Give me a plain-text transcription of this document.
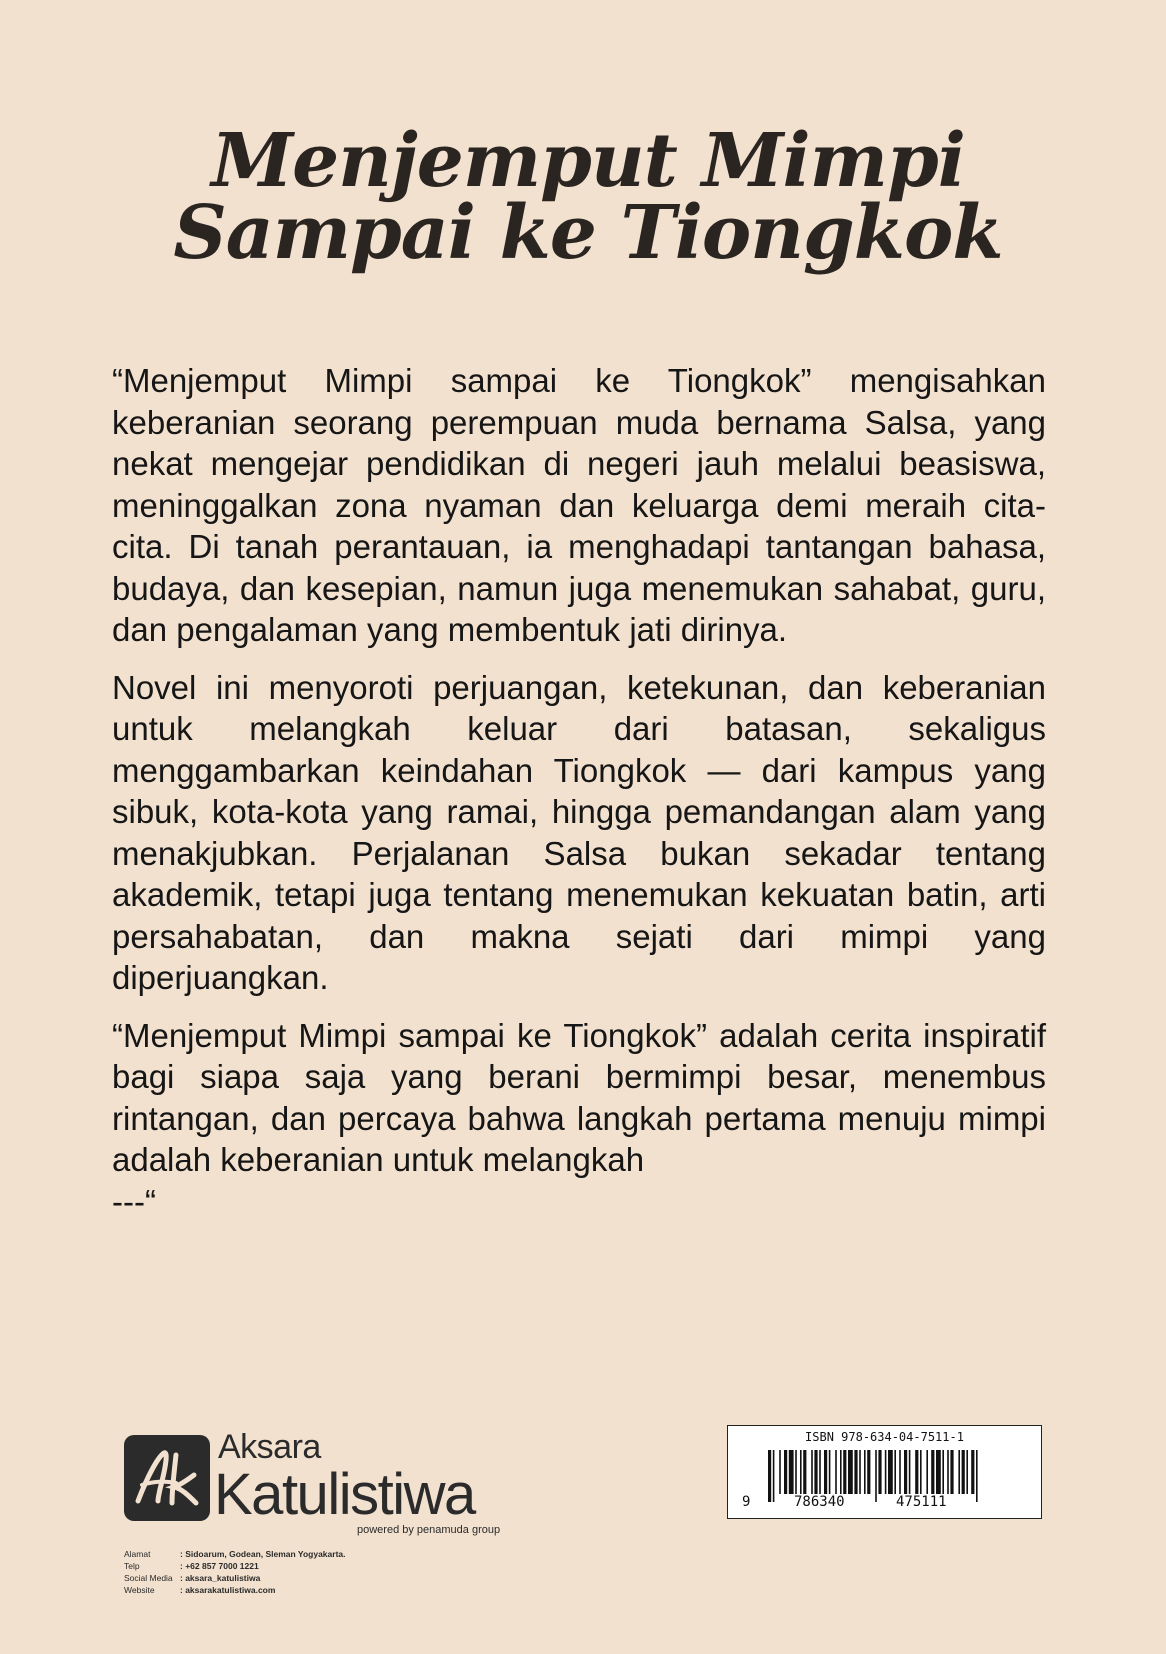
Menjemput Mimpi
Sampai ke Tiongkok

“Menjemput Mimpi sampai ke Tiongkok” mengisahkan keberanian seorang perempuan muda bernama Salsa, yang nekat mengejar pendidikan di negeri jauh melalui beasiswa, meninggalkan zona nyaman dan keluarga demi meraih cita-cita. Di tanah perantauan, ia menghadapi tantangan bahasa, budaya, dan kesepian, namun juga menemukan sahabat, guru, dan pengalaman yang membentuk jati dirinya.

Novel ini menyoroti perjuangan, ketekunan, dan keberanian untuk melangkah keluar dari batasan, sekaligus menggambarkan keindahan Tiongkok — dari kampus yang sibuk, kota-kota yang ramai, hingga pemandangan alam yang menakjubkan. Perjalanan Salsa bukan sekadar tentang akademik, tetapi juga tentang menemukan kekuatan batin, arti persahabatan, dan makna sejati dari mimpi yang diperjuangkan.

“Menjemput Mimpi sampai ke Tiongkok” adalah cerita inspiratif bagi siapa saja yang berani bermimpi besar, menembus rintangan, dan percaya bahwa langkah pertama menuju mimpi adalah keberanian untuk melangkah

---“

Aksara
Katulistiwa
powered by penamuda group
Alamat	: Sidoarum, Godean, Sleman Yogyakarta.
Telp	: +62 857 7000 1221
Social Media : aksara_katulistiwa
Website	: aksarakatulistiwa.com
ISBN 978-634-04-7511-1
9	786340	475111
